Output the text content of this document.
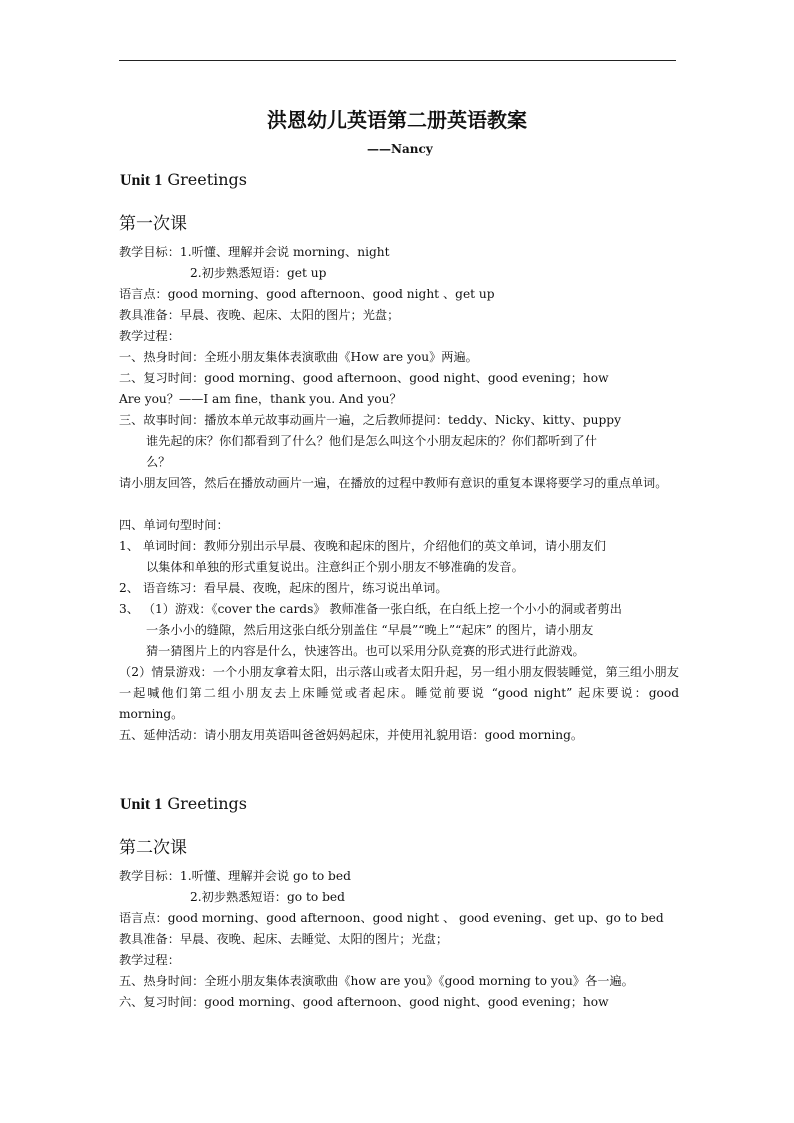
洪恩幼儿英语第二册英语教案
——Nancy
Unit 1 Greetings
第一次课
教学目标：1.听懂、理解并会说 morning、night
2.初步熟悉短语：get up
语言点：good morning、good afternoon、good night 、get up
教具准备：早晨、夜晚、起床、太阳的图片；光盘；
教学过程：
一、热身时间：全班小朋友集体表演歌曲《How are you》两遍。
二、复习时间：good morning、good afternoon、good night、good evening；how
Are you？——I am fine，thank you. And you？
三、故事时间：播放本单元故事动画片一遍，之后教师提问：teddy、Nicky、kitty、puppy
谁先起的床？你们都看到了什么？他们是怎么叫这个小朋友起床的？你们都听到了什
么？
请小朋友回答，然后在播放动画片一遍，在播放的过程中教师有意识的重复本课将要学习的重点单词。
四、单词句型时间：
1、 单词时间：教师分别出示早晨、夜晚和起床的图片，介绍他们的英文单词，请小朋友们
以集体和单独的形式重复说出。注意纠正个别小朋友不够准确的发音。
2、 语音练习：看早晨、夜晚，起床的图片，练习说出单词。
3、 （1）游戏：《cover the cards》 教师准备一张白纸，在白纸上挖一个小小的洞或者剪出
一条小小的缝隙，然后用这张白纸分别盖住 “早晨”“晚上”“起床” 的图片，请小朋友
猜一猜图片上的内容是什么，快速答出。也可以采用分队竞赛的形式进行此游戏。
（2）情景游戏：一个小朋友拿着太阳，出示落山或者太阳升起，另一组小朋友假装睡觉，第三组小朋友一起喊他们第二组小朋友去上床睡觉或者起床。睡觉前要说 “good night” 起床要说：good morning。
五、延伸活动：请小朋友用英语叫爸爸妈妈起床，并使用礼貌用语：good morning。
Unit 1 Greetings
第二次课
教学目标：1.听懂、理解并会说 go to bed
2.初步熟悉短语：go to bed
语言点：good morning、good afternoon、good night 、 good evening、get up、go to bed
教具准备：早晨、夜晚、起床、去睡觉、太阳的图片；光盘；
教学过程：
五、热身时间：全班小朋友集体表演歌曲《how are you》《good morning to you》各一遍。
六、复习时间：good morning、good afternoon、good night、good evening；how
